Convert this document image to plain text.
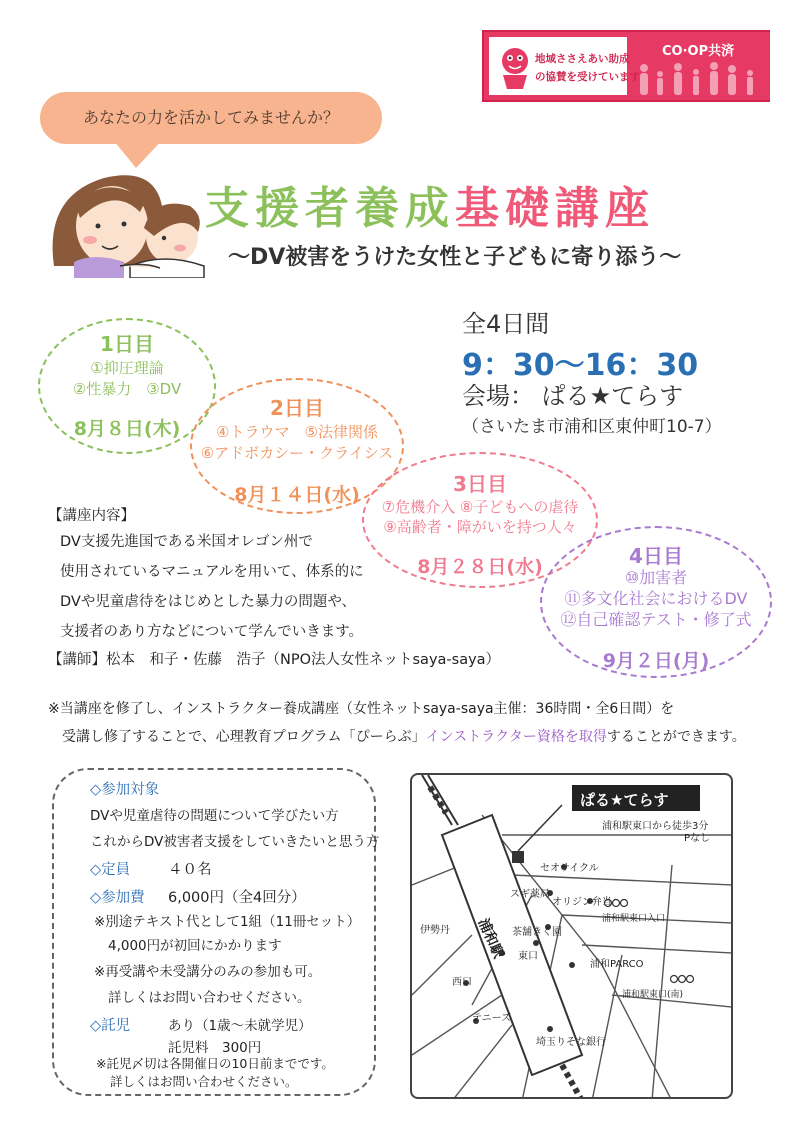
地域ささえあい助成
の協賛を受けています
CO·OP共済
あなたの力を活かしてみませんか？
支援者養成基礎講座
～DV被害をうけた女性と子どもに寄り添う～
全4日間
9：30～16：30
会場： ぱる★てらす
（さいたま市浦和区東仲町10-7）
1日目
①抑圧理論
②性暴力　③DV
8月８日(木)
2日目
④トラウマ　⑤法律関係
⑥アドボカシー・クライシス
8月１４日(水)	3日目
⑦危機介入 ⑧子どもへの虐待
⑨高齢者・障がいを持つ人々
8月２８日(水)	4日目
⑩加害者
⑪多文化社会におけるDV
⑫自己確認テスト・修了式
9月２日(月)
【講座内容】
DV支援先進国である米国オレゴン州で
使用されているマニュアルを用いて、体系的に
DVや児童虐待をはじめとした暴力の問題や、
支援者のあり方などについて学んでいきます。
【講師】松本　和子・佐藤　浩子（NPO法人女性ネットsaya-saya）
※当講座を修了し、インストラクター養成講座（女性ネットsaya-saya主催：36時間・全6日間）を
受講し修了することで、心理教育プログラム「ぴーらぶ」インストラクター資格を取得することができます。
◇参加対象
DVや児童虐待の問題について学びたい方
これからDV被害者支援をしていきたいと思う方
◇定員	４０名
◇参加費 6,000円（全4回分）
※別途テキスト代として1組（11冊セット）
4,000円が初回にかかります
※再受講や未受講分のみの参加も可。
詳しくはお問い合わせください。
◇託児	あり（1歳～未就学児）
託児料　300円
※託児〆切は各開催日の10日前までです。
詳しくはお問い合わせください。
ぱる★てらす
浦和駅東口から徒歩3分
Pなし
浦和駅
セオサイクル
スギ薬局
オリジン弁当
浦和駅東口入口
伊勢丹	茶舗きく園
東口
浦和PARCO
浦和駅東口(南)
西口
テニーズ
埼玉りそな銀行
